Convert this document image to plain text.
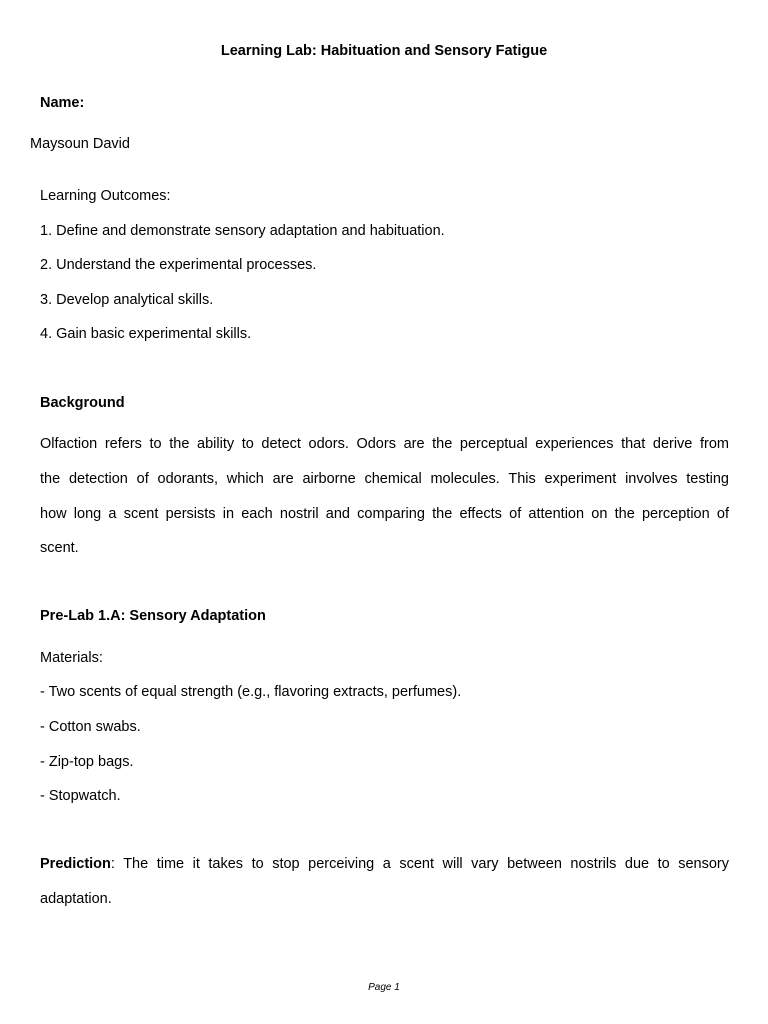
Learning Lab: Habituation and Sensory Fatigue
Name:
Maysoun David
Learning Outcomes:
1. Define and demonstrate sensory adaptation and habituation.
2. Understand the experimental processes.
3. Develop analytical skills.
4. Gain basic experimental skills.
Background
Olfaction refers to the ability to detect odors. Odors are the perceptual experiences that derive from
the detection of odorants, which are airborne chemical molecules. This experiment involves testing
how long a scent persists in each nostril and comparing the effects of attention on the perception of
scent.
Pre-Lab 1.A: Sensory Adaptation
Materials:
- Two scents of equal strength (e.g., flavoring extracts, perfumes).
- Cotton swabs.
- Zip-top bags.
- Stopwatch.
Prediction: The time it takes to stop perceiving a scent will vary between nostrils due to sensory
adaptation.
Page 1
